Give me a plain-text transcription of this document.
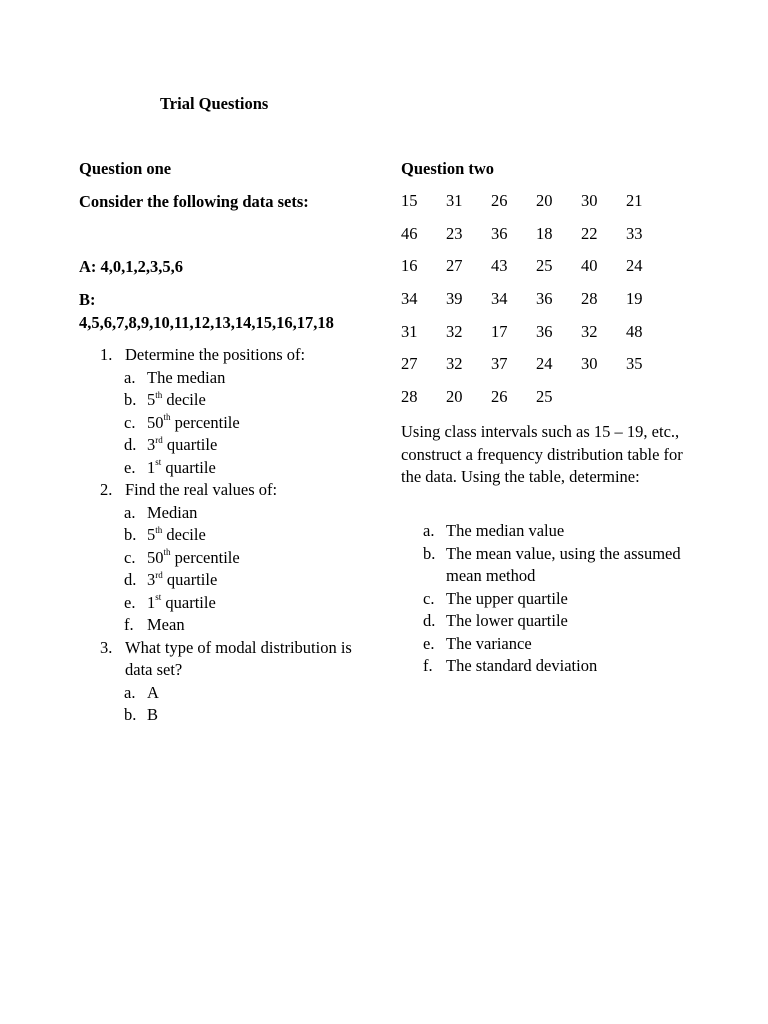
Trial Questions
Question one
Consider the following data sets:
A: 4,0,1,2,3,5,6
B:
4,5,6,7,8,9,10,11,12,13,14,15,16,17,18
1. Determine the positions of:
a. The median
b. 5th decile
c. 50th percentile
d. 3rd quartile
e. 1st quartile
2. Find the real values of:
a. Median
b. 5th decile
c. 50th percentile
d. 3rd quartile
e. 1st quartile
f. Mean
3. What type of modal distribution is data set?
a. A
b. B
Question two
15 31 26 20 30 21
46 23 36 18 22 33
16 27 43 25 40 24
34 39 34 36 28 19
31 32 17 36 32 48
27 32 37 24 30 35
28 20 26 25
Using class intervals such as 15 – 19, etc., construct a frequency distribution table for the data. Using the table, determine:
a. The median value
b. The mean value, using the assumed mean method
c. The upper quartile
d. The lower quartile
e. The variance
f. The standard deviation
